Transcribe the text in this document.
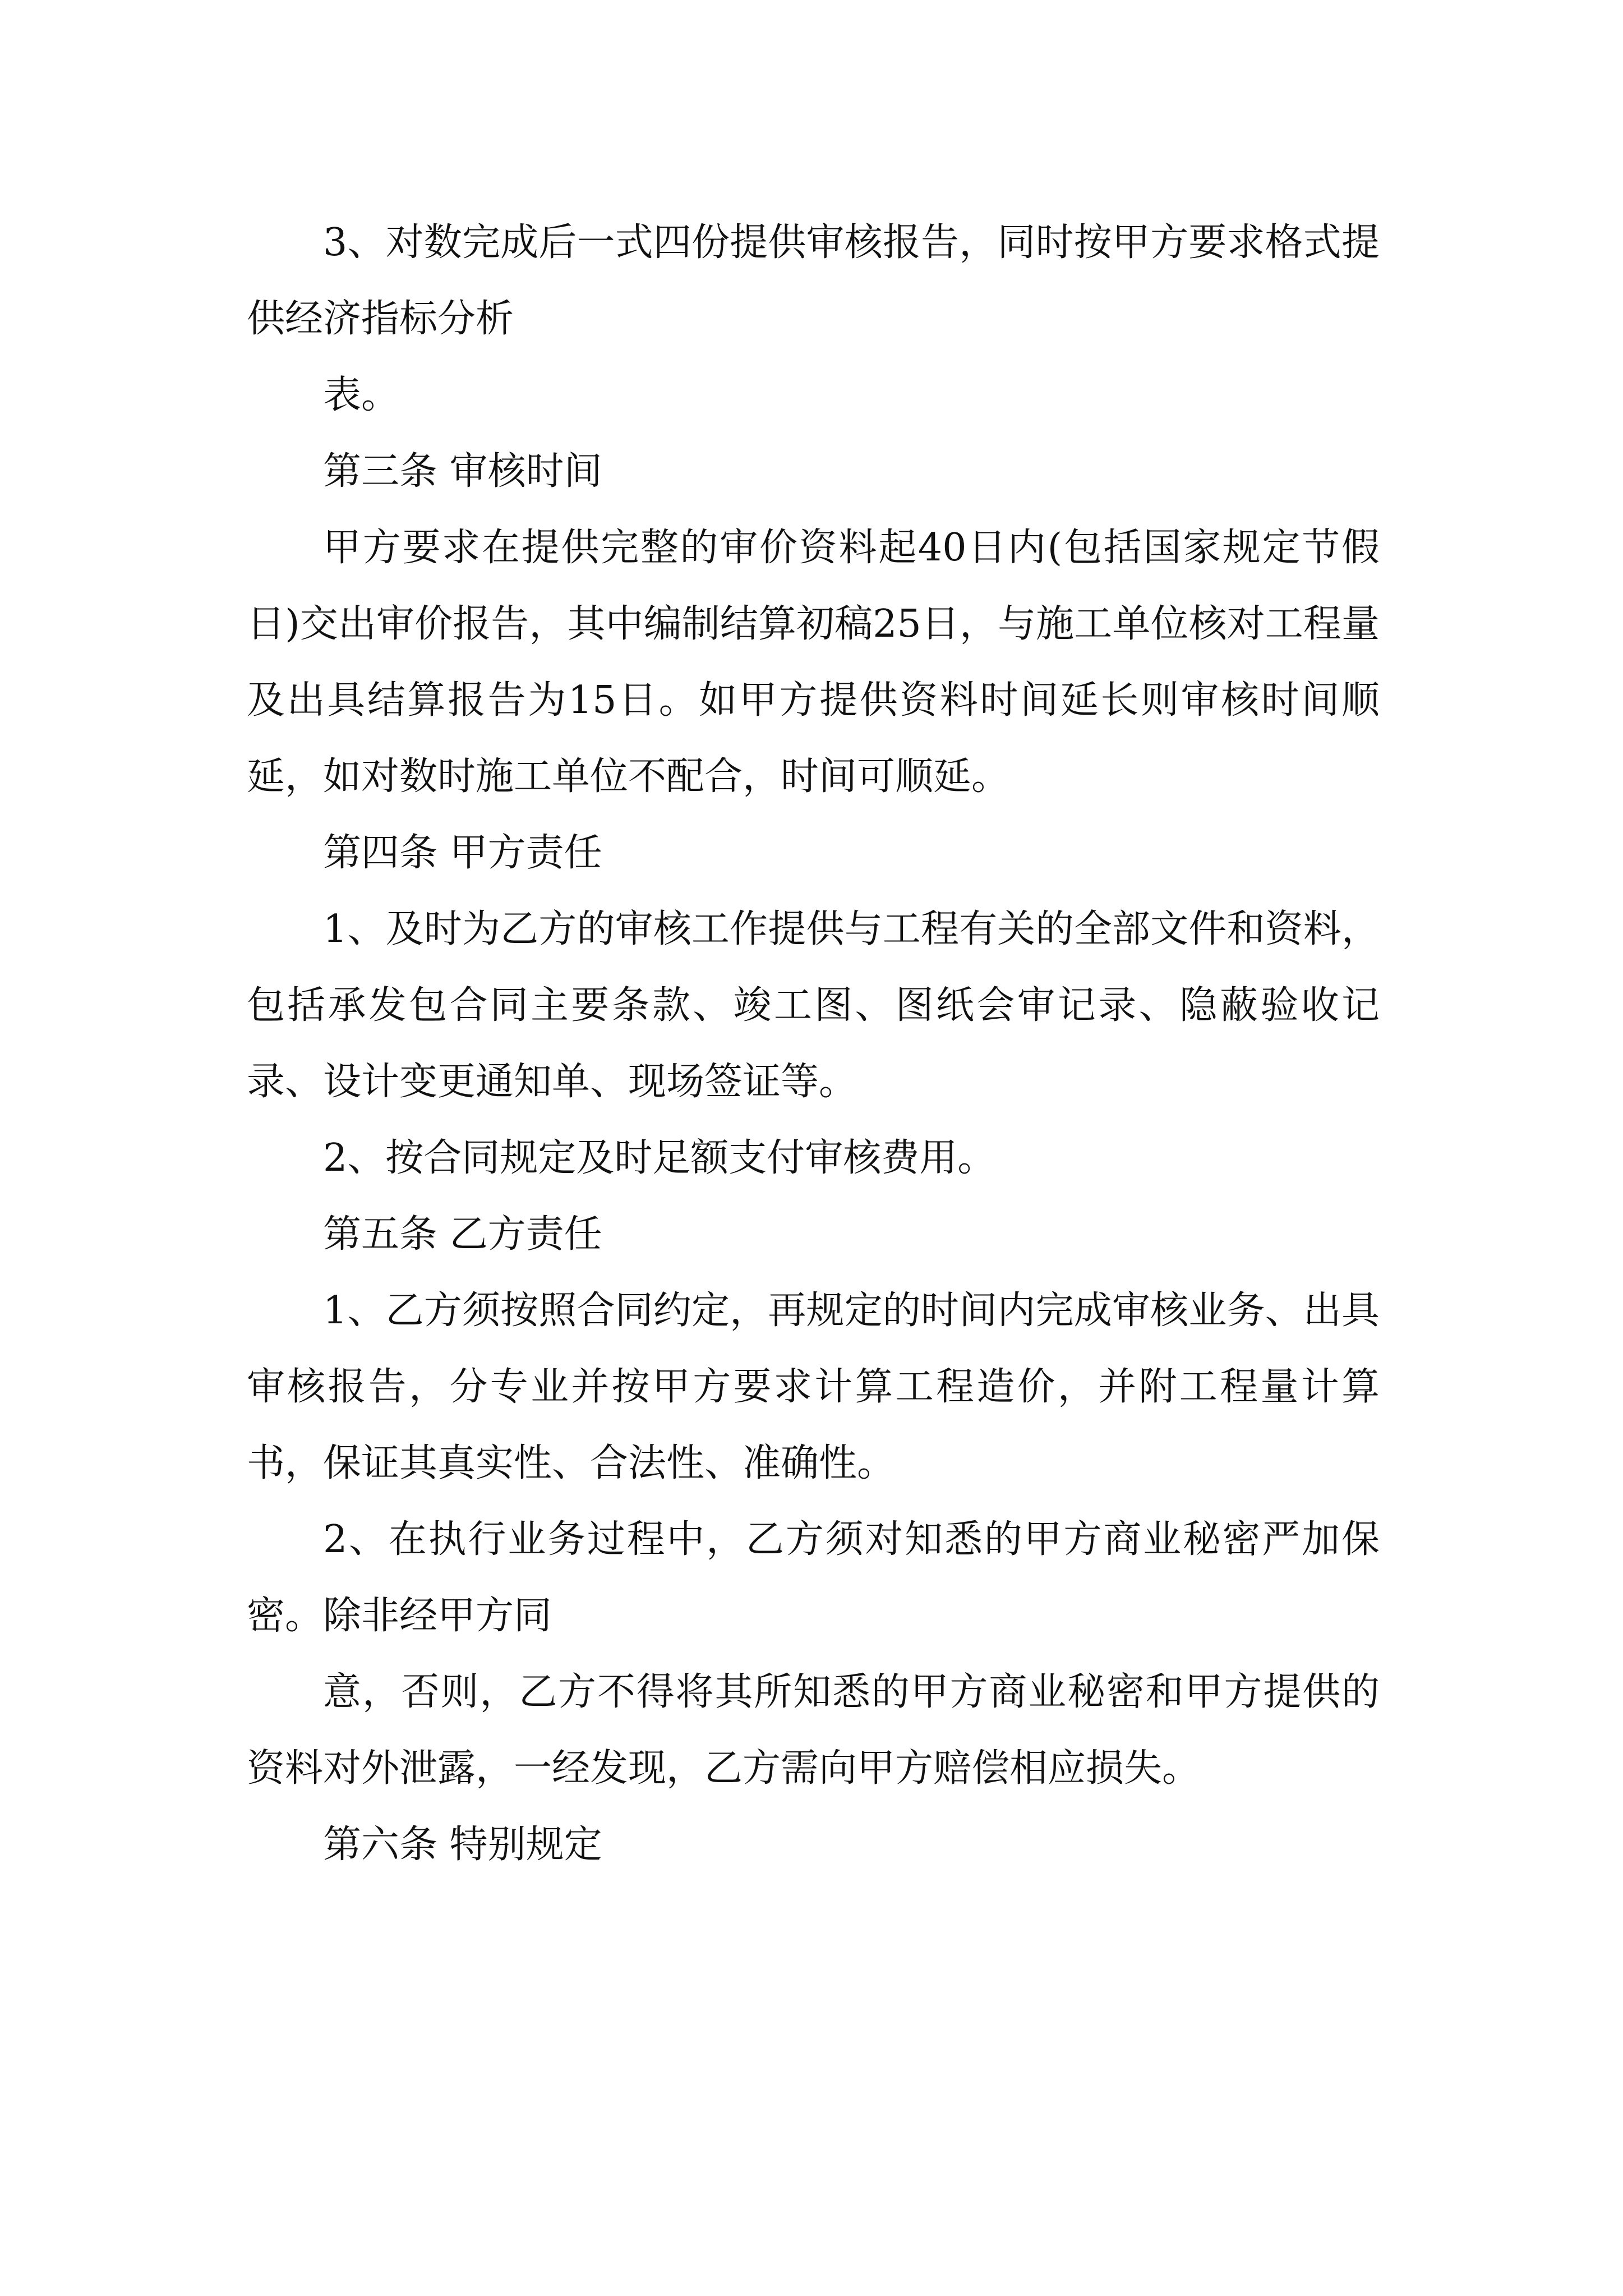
3、对数完成后一式四份提供审核报告，同时按甲方要求格式提供经济指标分析

表。

第三条 审核时间

甲方要求在提供完整的审价资料起40日内(包括国家规定节假日)交出审价报告，其中编制结算初稿25日，与施工单位核对工程量及出具结算报告为15日。如甲方提供资料时间延长则审核时间顺延，如对数时施工单位不配合，时间可顺延。

第四条 甲方责任

1、及时为乙方的审核工作提供与工程有关的全部文件和资料，包括承发包合同主要条款、竣工图、图纸会审记录、隐蔽验收记录、设计变更通知单、现场签证等。

2、按合同规定及时足额支付审核费用。

第五条 乙方责任

1、乙方须按照合同约定，再规定的时间内完成审核业务、出具审核报告，分专业并按甲方要求计算工程造价，并附工程量计算书，保证其真实性、合法性、准确性。

2、在执行业务过程中，乙方须对知悉的甲方商业秘密严加保密。除非经甲方同

意，否则，乙方不得将其所知悉的甲方商业秘密和甲方提供的资料对外泄露，一经发现，乙方需向甲方赔偿相应损失。

第六条 特别规定
